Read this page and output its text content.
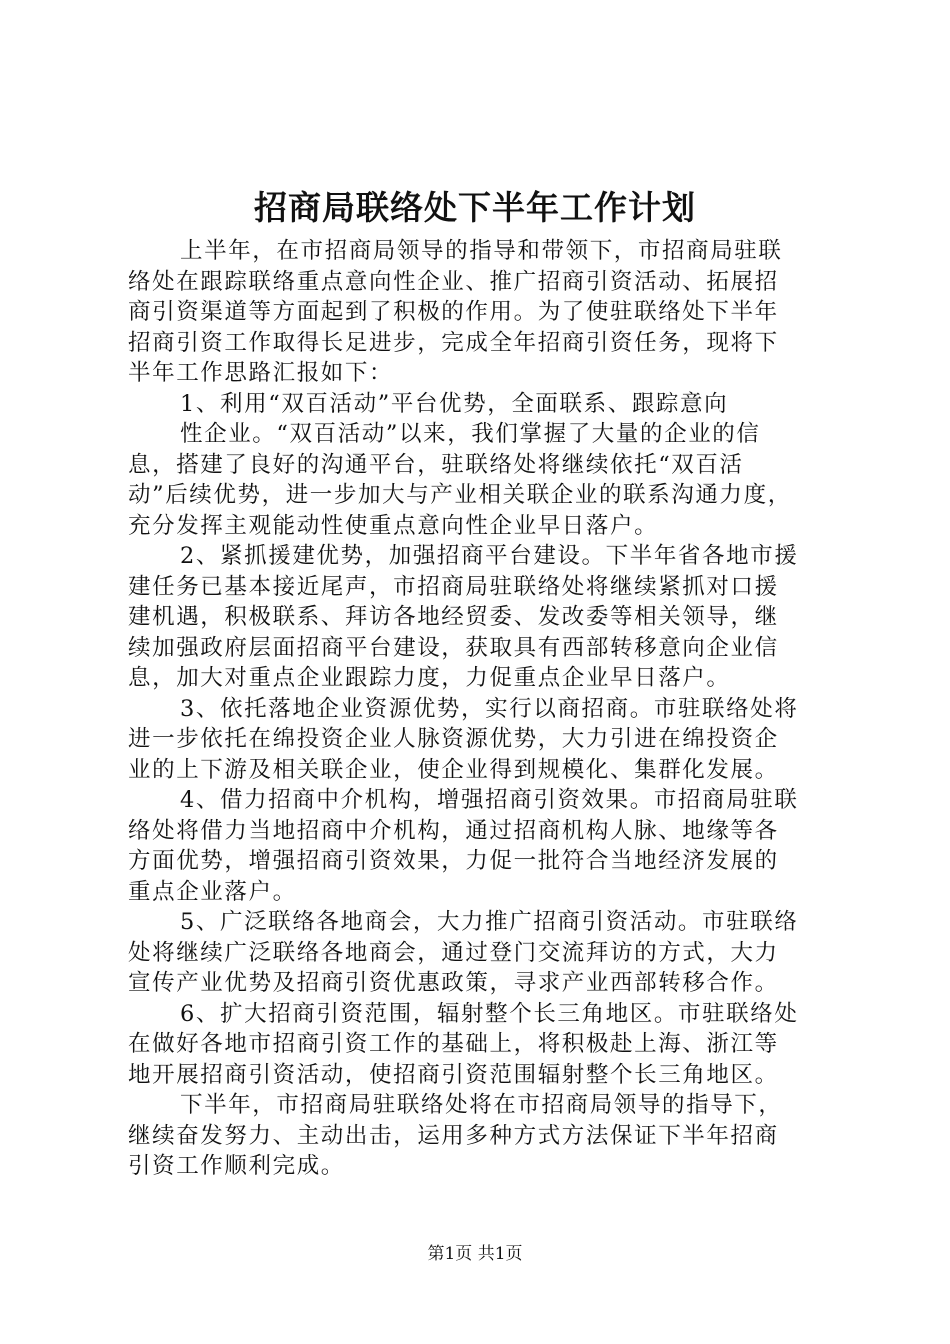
招商局联络处下半年工作计划
上半年，在市招商局领导的指导和带领下，市招商局驻联
络处在跟踪联络重点意向性企业、推广招商引资活动、拓展招
商引资渠道等方面起到了积极的作用。为了使驻联络处下半年
招商引资工作取得长足进步，完成全年招商引资任务，现将下
半年工作思路汇报如下：
1、利用“双百活动”平台优势，全面联系、跟踪意向
性企业。“双百活动”以来，我们掌握了大量的企业的信
息，搭建了良好的沟通平台，驻联络处将继续依托“双百活
动”后续优势，进一步加大与产业相关联企业的联系沟通力度，
充分发挥主观能动性使重点意向性企业早日落户。
2、紧抓援建优势，加强招商平台建设。下半年省各地市援
建任务已基本接近尾声，市招商局驻联络处将继续紧抓对口援
建机遇，积极联系、拜访各地经贸委、发改委等相关领导，继
续加强政府层面招商平台建设，获取具有西部转移意向企业信
息，加大对重点企业跟踪力度，力促重点企业早日落户。
3、依托落地企业资源优势，实行以商招商。市驻联络处将
进一步依托在绵投资企业人脉资源优势，大力引进在绵投资企
业的上下游及相关联企业，使企业得到规模化、集群化发展。
4、借力招商中介机构，增强招商引资效果。市招商局驻联
络处将借力当地招商中介机构，通过招商机构人脉、地缘等各
方面优势，增强招商引资效果，力促一批符合当地经济发展的
重点企业落户。
5、广泛联络各地商会，大力推广招商引资活动。市驻联络
处将继续广泛联络各地商会，通过登门交流拜访的方式，大力
宣传产业优势及招商引资优惠政策，寻求产业西部转移合作。
6、扩大招商引资范围，辐射整个长三角地区。市驻联络处
在做好各地市招商引资工作的基础上，将积极赴上海、浙江等
地开展招商引资活动，使招商引资范围辐射整个长三角地区。
下半年，市招商局驻联络处将在市招商局领导的指导下，
继续奋发努力、主动出击，运用多种方式方法保证下半年招商
引资工作顺利完成。
第1页 共1页
